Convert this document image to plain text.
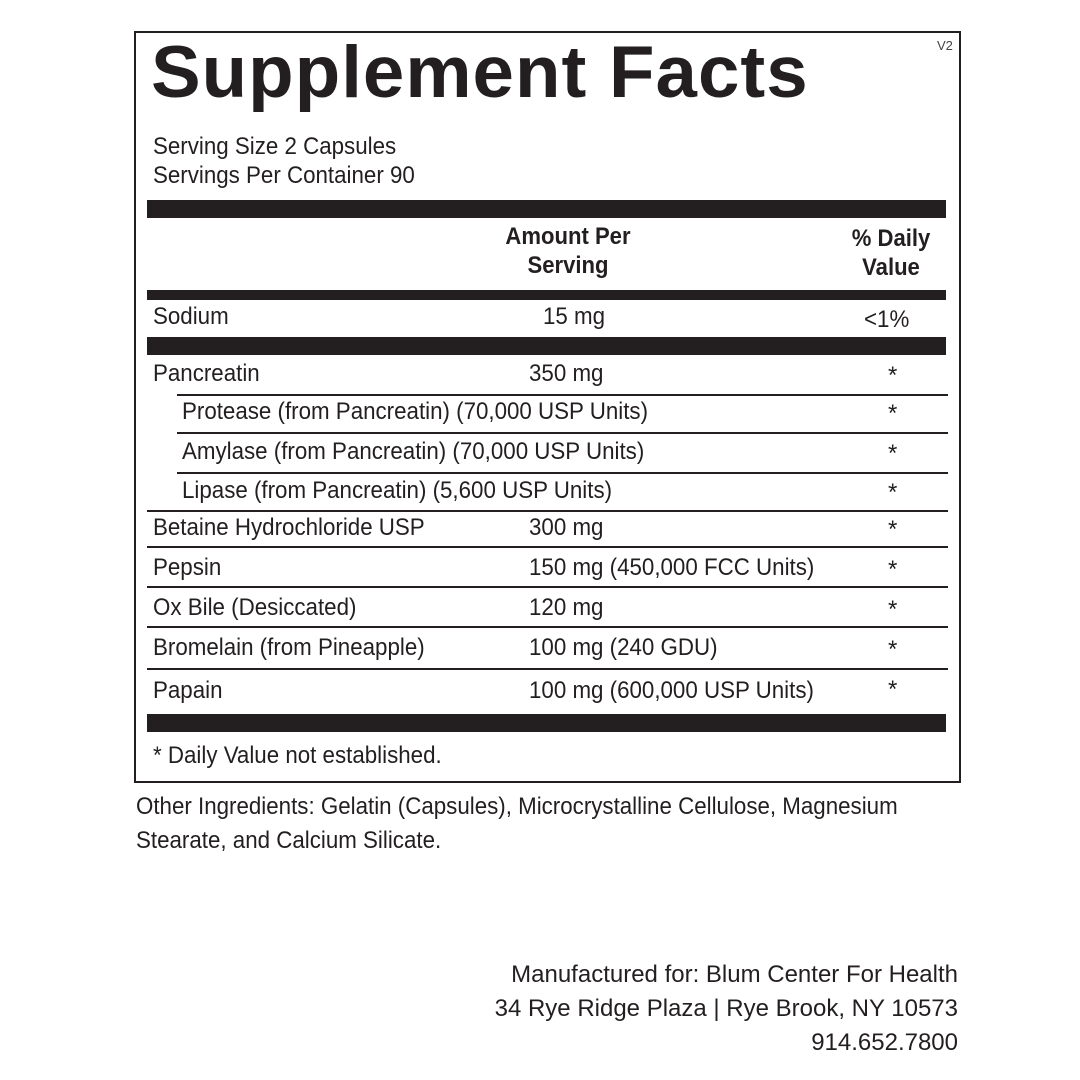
V2
Supplement Facts
Serving Size 2 Capsules
Servings Per Container 90
Amount Per
Serving
% Daily
Value
Sodium	15 mg	<1%
Pancreatin	350 mg	*
Protease (from Pancreatin) (70,000 USP Units)	*
Amylase (from Pancreatin) (70,000 USP Units)	*
Lipase (from Pancreatin) (5,600 USP Units)	*
Betaine Hydrochloride USP	300 mg	*
Pepsin	150 mg (450,000 FCC Units)	*
Ox Bile (Desiccated)	120 mg	*
Bromelain (from Pineapple)	100 mg (240 GDU)	*
Papain	100 mg (600,000 USP Units)	*
* Daily Value not established.
Other Ingredients: Gelatin (Capsules), Microcrystalline Cellulose, Magnesium Stearate, and Calcium Silicate.
Manufactured for: Blum Center For Health
34 Rye Ridge Plaza | Rye Brook, NY 10573
914.652.7800
